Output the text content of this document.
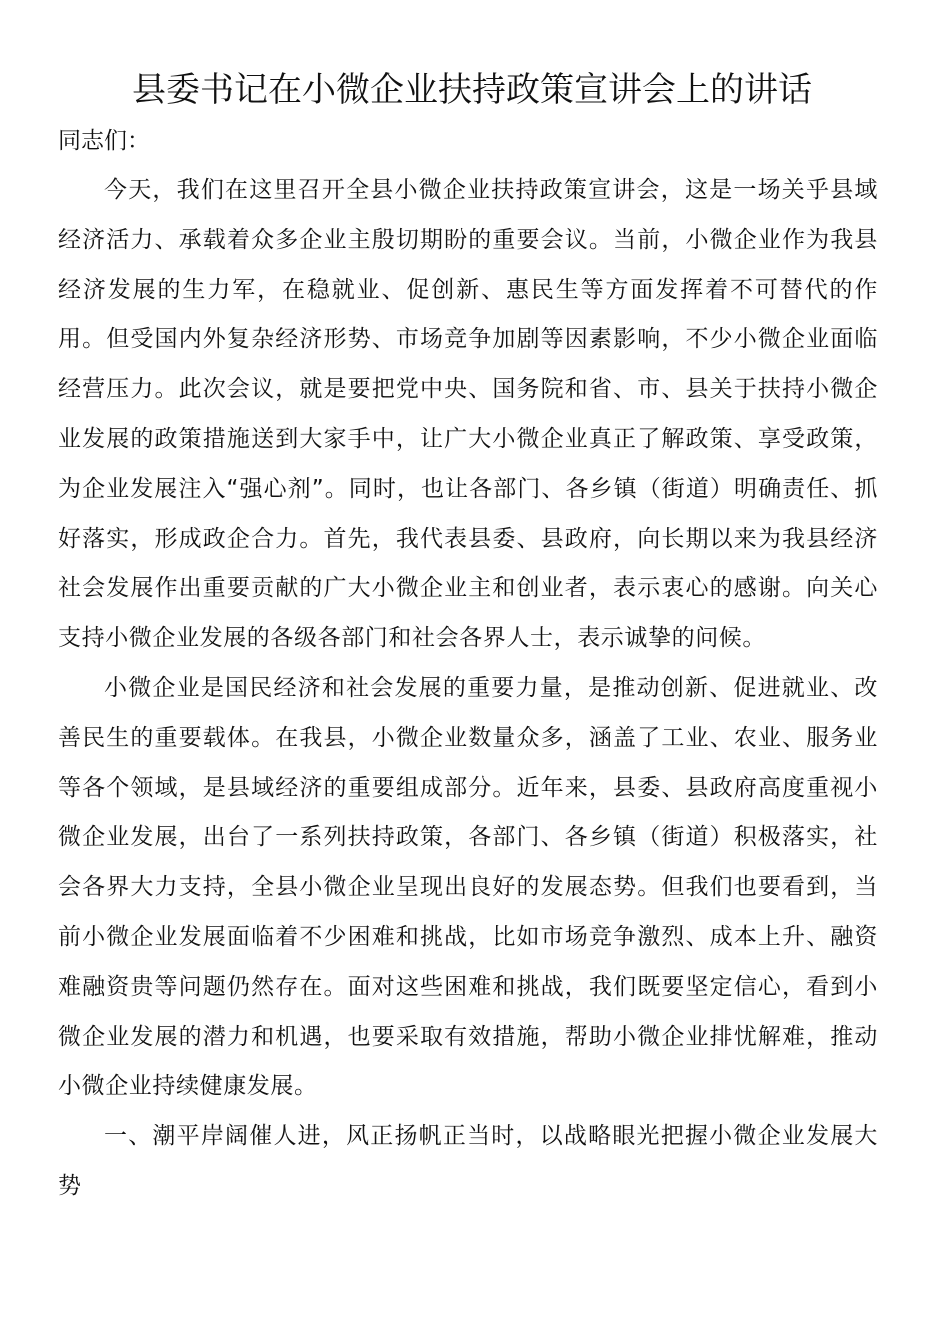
县委书记在小微企业扶持政策宣讲会上的讲话

同志们：

今天，我们在这里召开全县小微企业扶持政策宣讲会，这是一场关乎县域经济活力、承载着众多企业主殷切期盼的重要会议。当前，小微企业作为我县经济发展的生力军，在稳就业、促创新、惠民生等方面发挥着不可替代的作用。但受国内外复杂经济形势、市场竞争加剧等因素影响，不少小微企业面临经营压力。此次会议，就是要把党中央、国务院和省、市、县关于扶持小微企业发展的政策措施送到大家手中，让广大小微企业真正了解政策、享受政策，为企业发展注入“强心剂”。同时，也让各部门、各乡镇（街道）明确责任、抓好落实，形成政企合力。首先，我代表县委、县政府，向长期以来为我县经济社会发展作出重要贡献的广大小微企业主和创业者，表示衷心的感谢。向关心支持小微企业发展的各级各部门和社会各界人士，表示诚挚的问候。

小微企业是国民经济和社会发展的重要力量，是推动创新、促进就业、改善民生的重要载体。在我县，小微企业数量众多，涵盖了工业、农业、服务业等各个领域，是县域经济的重要组成部分。近年来，县委、县政府高度重视小微企业发展，出台了一系列扶持政策，各部门、各乡镇（街道）积极落实，社会各界大力支持，全县小微企业呈现出良好的发展态势。但我们也要看到，当前小微企业发展面临着不少困难和挑战，比如市场竞争激烈、成本上升、融资难融资贵等问题仍然存在。面对这些困难和挑战，我们既要坚定信心，看到小微企业发展的潜力和机遇，也要采取有效措施，帮助小微企业排忧解难，推动小微企业持续健康发展。

一、潮平岸阔催人进，风正扬帆正当时，以战略眼光把握小微企业发展大势
